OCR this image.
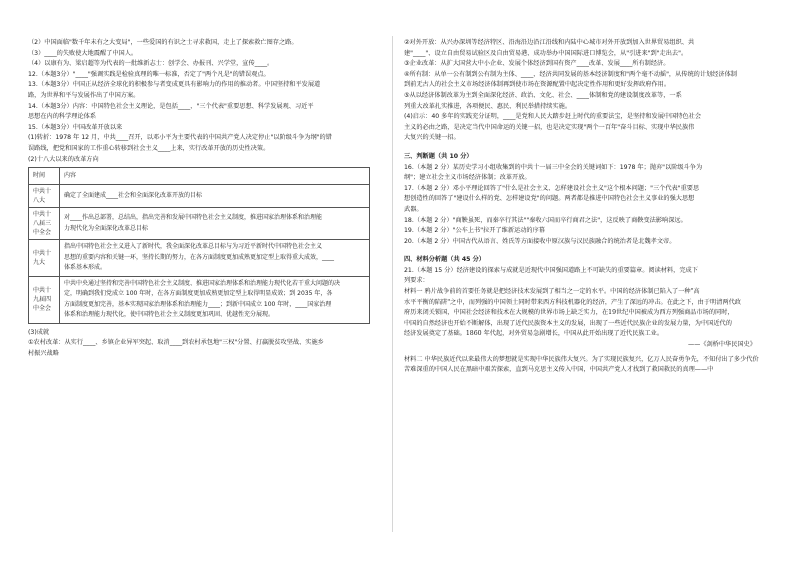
（2）中国面临"数千年未有之大变局"，一些爱国的有识之士寻求救国，走上了探索救亡图存之路。
（3）____的失败使大地震醒了中国人。
（4）以康有为、梁启超等为代表的一批维新志士：创学会、办报刊、兴学堂，宣传____。
12.（本题3分）"____"强调实践是检验真理的唯一标准，否定了"两个凡是"的错误观点。
13.（本题3分）中国正从经济全球化的积极参与者变成更具有影响力的作用的推动者。中国坚持和平发展道
路，为世界和平与发展作出了中国方案。
14.（本题3分）内容：中国特色社会主义理论，是包括____、"三个代表"重要思想、科学发展观、习近平
思想在内的科学理论体系
15.（本题3分）中国改革开放以来
(1)转折：1978 年 12 月，中共____召开，以邓小平为主要代表的中国共产党人决定停止"以阶级斗争为纲"的错
误路线，把党和国家的工作重心转移到社会主义____上来，实行改革开放的历史性决策。
(2)十八大以来的改革方向
时间	内容
中共十八大	确定了全面建成____社会和全面深化改革开放的目标

中共十八届三中全会	对____作出总部署，总结出，指出完善和发展中国特色社会主义制度，推进国家治理体系和治理能
力现代化为全面深化改革总目标

中共十九大	指出中国特色社会主义进入了新时代，我全面深化改革总目标与为习近平新时代中国特色社会主义
思想的重要内容和关键一环，坚持长期的努力，在各方面制度更加成熟更加定型上取得重大成效，____
体系基本形成。

中共十九届四中全会	中共中央通过坚持和完善中国特色社会主义制度、推进国家治理体系和治理能力现代化若干重大问题的决
定，明确到我们党成立 100 年时，在各方面制度更加成熟更加定型上取得明显成效；到 2035 年，各
方面制度更加完善，基本实现国家治理体系和治理能力____；到新中国成立 100 年时，____国家治理
体系和治理能力现代化，使中国特色社会主义制度更加巩固、优越性充分展现。
(3)成就
①农村改革：从实行____、乡镇企业异军突起、取消____到农村承包地"三权"分置、打赢脱贫攻坚战、实施乡
村振兴战略
②对外开放：从兴办深圳等经济特区、沿海沿边沿江沿线和内陆中心城市对外开放到加入世界贸易组织、共
建"____"、设立自由贸易试验区及自由贸易港、成功举办中国国际进口博览会，从"引进来"到"走出去"。
③企业改革：从扩大国营大中小企业、发展个体经济到国有资产____改革、发展____所有制经济。
④所有制：从单一公有制到公有制为主体、____、经济共同发展的基本经济制度和"两个毫不动摇"，从传统的计划经济体制
到前无古人的社会主义市场经济体制再到使市场在资源配置中起决定性作用和更好发挥政府作用。
⑤从以经济体制改革为主到全面深化经济、政治、文化、社会、____体制和党的建设制度改革等，一系
列重大改革扎实推进，各项便民、惠民、利民举措持续实施。
(4)启示：40 多年的实践充分证明，____是党和人民大踏步赶上时代的重要法宝，是坚持和发展中国特色社会
主义的必由之路，是决定当代中国命运的关键一招，也是决定实现"两个一百年"奋斗目标、实现中华民族伟
大复兴的关键一招。
三、判断题（共 10 分）
16.（本题 2 分）某历史学习小组收集到的中共十一届三中全会的关键词如下：1978 年；抛弃"以阶级斗争为
纲"；建立社会主义市场经济体制；改革开放。
17.（本题 2 分）邓小平理论回答了"什么是社会主义、怎样建设社会主义"这个根本问题；"三个代表"重要思
想创造性的回答了"建设什么样的党、怎样建设党"的问题。两者都是推进中国特色社会主义事业的强大思想
武器。
18.（本题 2 分）"商鞅虽死，而秦卒行其法""秦收六国而卒行商君之法"，这反映了商鞅变法影响深远。
19.（本题 2 分）"公车上书"拉开了维新运动的序幕
20.（本题 2 分）中国古代从语言、姓氏等方面接收中原汉族与汉民族融合的统治者是北魏孝文帝。
四、材料分析题（共 45 分）
21.（本题 15 分）经济建设的探索与成就是近现代中国强国道路上不可缺失的重要篇章。阅读材料，完成下
列要求：
材料一 鸦片战争前的首要任务就是把经济技术发展到了相当之一定的水平。中国的经济体制已陷入了一种"高
水平平衡的陷阱"之中，而列强的中国领土同时带来西方科技机器化的经济，产生了深远的冲击。在此之下，由于明清两代政
府历来闭关锁国，中国社会经济和技术在大规模的世界市场上缺乏实力，在19世纪中国被成为西方列强商品市场的同时，
中国的自然经济也开始不断解体，出现了近代民族资本主义的发展，出现了一些近代民族企业的发展力量，为中国近代的
经济发展奠定了基础。1860 年代起，对外贸易急剧增长，中国从此开始出现了近代民族工业。
——《剑桥中华民国史》
材料二 中华民族近代以来最伟大的梦想就是实现中华民族伟大复兴。为了实现民族复兴，亿万人民奋勇争先，不知付出了多少代价
苦难深重的中国人民在黑暗中艰苦探索，直到马克思主义传入中国，中国共产党人才找到了救国救民的真理——中
